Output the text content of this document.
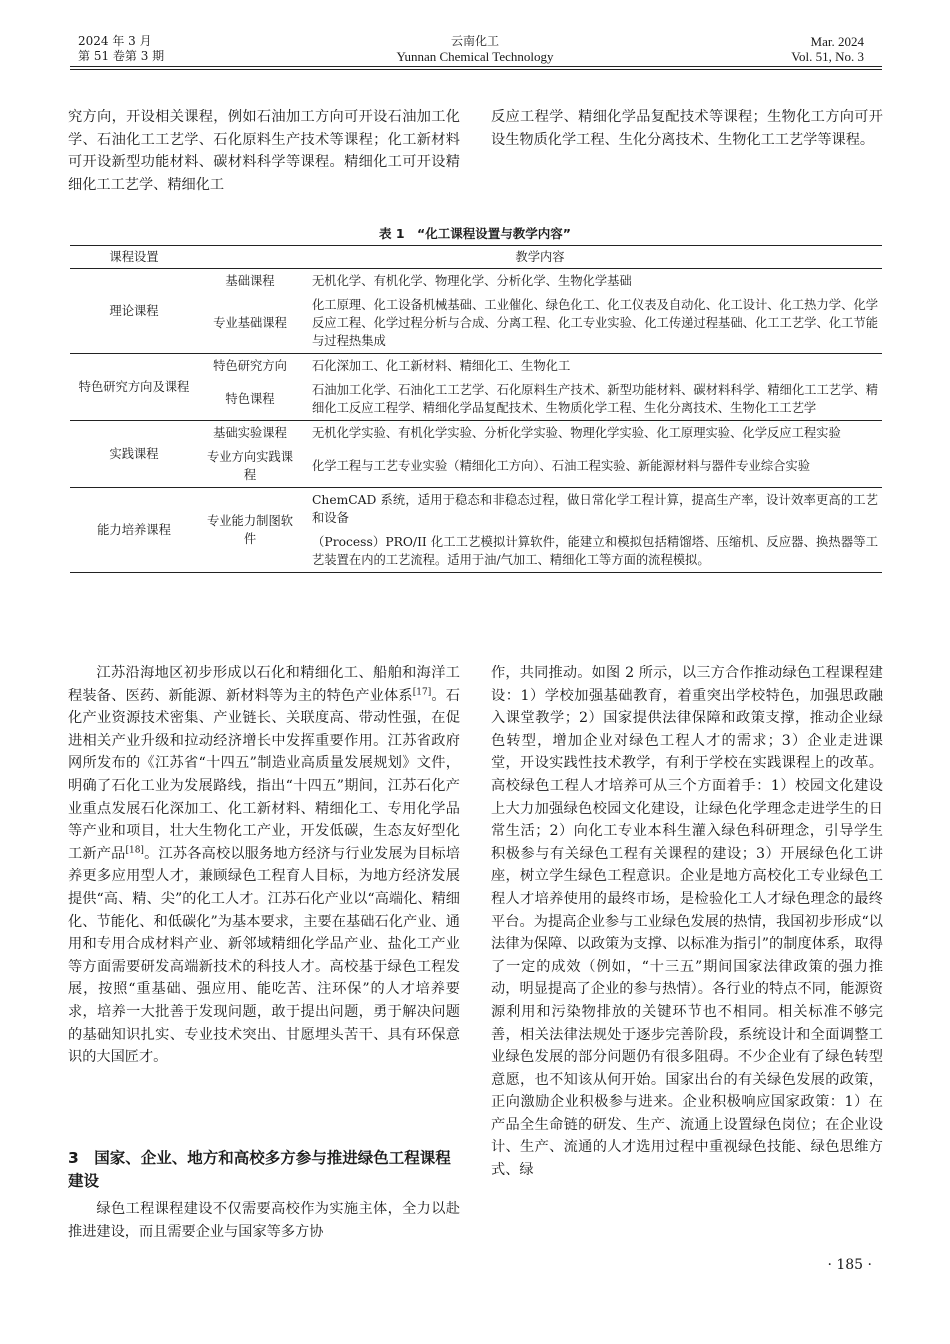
2024 年 3 月
第 51 卷第 3 期
云南化工
Yunnan Chemical Technology
Mar. 2024
Vol. 51, No. 3

究方向，开设相关课程，例如石油加工方向可开设石油加工化学、石油化工工艺学、石化原料生产技术等课程；化工新材料可开设新型功能材料、碳材料科学等课程。精细化工可开设精细化工工艺学、精细化工

反应工程学、精细化学品复配技术等课程；生物化工方向可开设生物质化学工程、生化分离技术、生物化工工艺学等课程。

表 1　“化工课程设置与教学内容”
课程设置	教学内容	
理论课程	基础课程	无机化学、有机化学、物理化学、分析化学、生物化学基础
	专业基础课程	化工原理、化工设备机械基础、工业催化、绿色化工、化工仪表及自动化、化工设计、化工热力学、化学反应工程、化学过程分析与合成、分离工程、化工专业实验、化工传递过程基础、化工工艺学、化工节能与过程热集成
特色研究方向及课程	特色研究方向	石化深加工、化工新材料、精细化工、生物化工
	特色课程	石油加工化学、石油化工工艺学、石化原料生产技术、新型功能材料、碳材料科学、精细化工工艺学、精细化工反应工程学、精细化学品复配技术、生物质化学工程、生化分离技术、生物化工工艺学
实践课程	基础实验课程	无机化学实验、有机化学实验、分析化学实验、物理化学实验、化工原理实验、化学反应工程实验
	专业方向实践课程	化学工程与工艺专业实验（精细化工方向）、石油工程实验、新能源材料与器件专业综合实验
能力培养课程	专业能力制图软件	ChemCAD 系统，适用于稳态和非稳态过程，做日常化学工程计算，提高生产率，设计效率更高的工艺和设备
		（Process）PRO/II 化工工艺模拟计算软件，能建立和模拟包括精馏塔、压缩机、反应器、换热器等工艺装置在内的工艺流程。适用于油/气加工、精细化工等方面的流程模拟。

江苏沿海地区初步形成以石化和精细化工、船舶和海洋工程装备、医药、新能源、新材料等为主的特色产业体系[17]。石化产业资源技术密集、产业链长、关联度高、带动性强，在促进相关产业升级和拉动经济增长中发挥重要作用。江苏省政府网所发布的《江苏省“十四五”制造业高质量发展规划》文件，明确了石化工业为发展路线，指出“十四五”期间，江苏石化产业重点发展石化深加工、化工新材料、精细化工、专用化学品等产业和项目，壮大生物化工产业，开发低碳，生态友好型化工新产品[18]。江苏各高校以服务地方经济与行业发展为目标培养更多应用型人才，兼顾绿色工程育人目标，为地方经济发展提供“高、精、尖”的化工人才。江苏石化产业以“高端化、精细化、节能化、和低碳化”为基本要求，主要在基础石化产业、通用和专用合成材料产业、新邻域精细化学品产业、盐化工产业等方面需要研发高端新技术的科技人才。高校基于绿色工程发展，按照“重基础、强应用、能吃苦、注环保”的人才培养要求，培养一大批善于发现问题，敢于提出问题，勇于解决问题的基础知识扎实、专业技术突出、甘愿埋头苦干、具有环保意识的大国匠才。

3　国家、企业、地方和高校多方参与推进绿色工程课程建设

绿色工程课程建设不仅需要高校作为实施主体，全力以赴推进建设，而且需要企业与国家等多方协

作，共同推动。如图 2 所示，以三方合作推动绿色工程课程建设：1）学校加强基础教育，着重突出学校特色，加强思政融入课堂教学；2）国家提供法律保障和政策支撑，推动企业绿色转型，增加企业对绿色工程人才的需求；3）企业走进课堂，开设实践性技术教学，有利于学校在实践课程上的改革。高校绿色工程人才培养可从三个方面着手：1）校园文化建设上大力加强绿色校园文化建设，让绿色化学理念走进学生的日常生活；2）向化工专业本科生灌入绿色科研理念，引导学生积极参与有关绿色工程有关课程的建设；3）开展绿色化工讲座，树立学生绿色工程意识。企业是地方高校化工专业绿色工程人才培养使用的最终市场，是检验化工人才绿色理念的最终平台。为提高企业参与工业绿色发展的热情，我国初步形成“以法律为保障、以政策为支撑、以标准为指引”的制度体系，取得了一定的成效（例如，“十三五”期间国家法律政策的强力推动，明显提高了企业的参与热情）。各行业的特点不同，能源资源利用和污染物排放的关键环节也不相同。相关标准不够完善，相关法律法规处于逐步完善阶段，系统设计和全面调整工业绿色发展的部分问题仍有很多阻碍。不少企业有了绿色转型意愿，也不知该从何开始。国家出台的有关绿色发展的政策，正向激励企业积极参与进来。企业积极响应国家政策：1）在产品全生命链的研发、生产、流通上设置绿色岗位；在企业设计、生产、流通的人才选用过程中重视绿色技能、绿色思维方式、绿

· 185 ·
